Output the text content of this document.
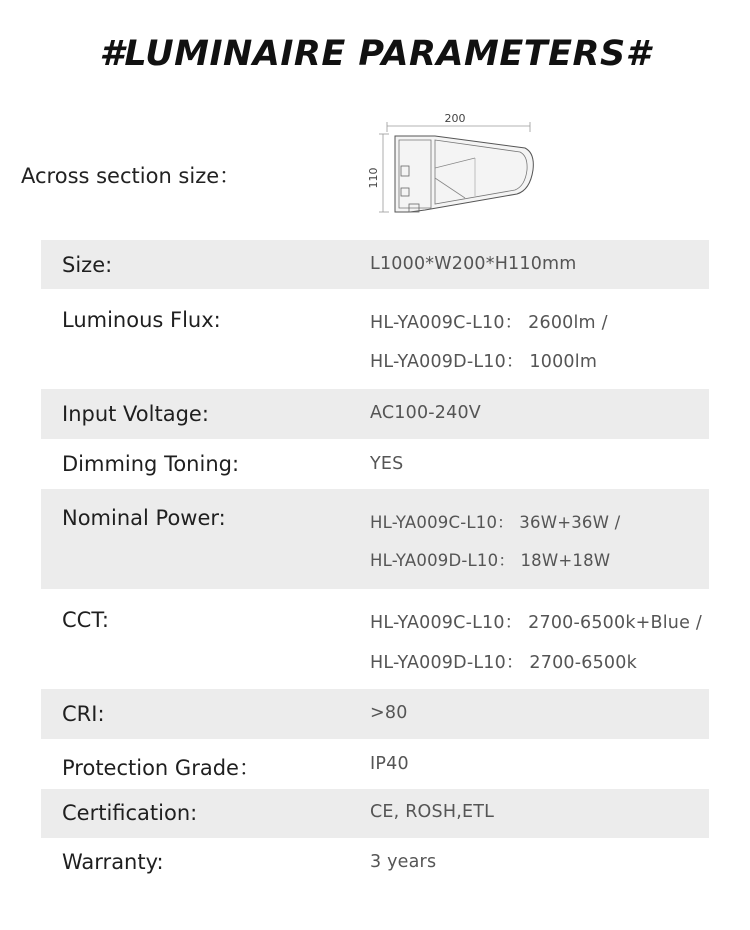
#LUMINAIRE PARAMETERS#
Across section size：
200
110
Size:	L1000*W200*H110mm
Luminous Flux:	HL-YA009C-L10： 2600lm /
HL-YA009D-L10： 1000lm
Input Voltage:	AC100-240V
Dimming Toning:	YES
Nominal Power:	HL-YA009C-L10： 36W+36W /
HL-YA009D-L10： 18W+18W
CCT:	HL-YA009C-L10： 2700-6500k+Blue /
HL-YA009D-L10： 2700-6500k
CRI:	>80
Protection Grade：	IP40
Certification:	CE, ROSH,ETL
Warranty:	3 years
